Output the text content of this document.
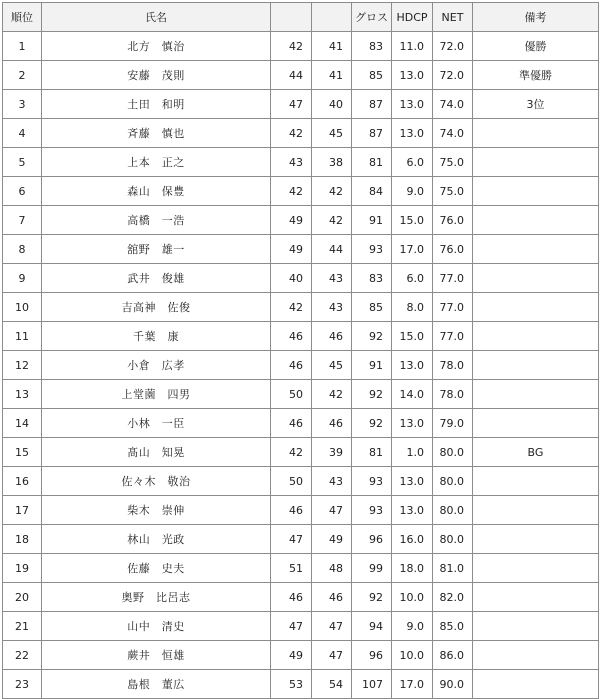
順位	氏名			グロス	HDCP	NET	備考
1	北方　慎治	42	41	83	11.0	72.0	優勝
2	安藤　茂則	44	41	85	13.0	72.0	準優勝
3	土田　和明	47	40	87	13.0	74.0	3位
4	斉藤　慎也	42	45	87	13.0	74.0	
5	上本　正之	43	38	81	6.0	75.0	
6	森山　保豊	42	42	84	9.0	75.0	
7	高橋　一浩	49	42	91	15.0	76.0	
8	舘野　雄一	49	44	93	17.0	76.0	
9	武井　俊雄	40	43	83	6.0	77.0	
10	吉高神　佐俊	42	43	85	8.0	77.0	
11	千葉　康	46	46	92	15.0	77.0	
12	小倉　広孝	46	45	91	13.0	78.0	
13	上堂薗　四男	50	42	92	14.0	78.0	
14	小林　一臣	46	46	92	13.0	79.0	
15	髙山　知晃	42	39	81	1.0	80.0	BG
16	佐々木　敬治	50	43	93	13.0	80.0	
17	柴木　崇伸	46	47	93	13.0	80.0	
18	林山　光政	47	49	96	16.0	80.0	
19	佐藤　史夫	51	48	99	18.0	81.0	
20	奥野　比呂志	46	46	92	10.0	82.0	
21	山中　清史	47	47	94	9.0	85.0	
22	蕨井　恒雄	49	47	96	10.0	86.0	
23	島根　董広	53	54	107	17.0	90.0	
